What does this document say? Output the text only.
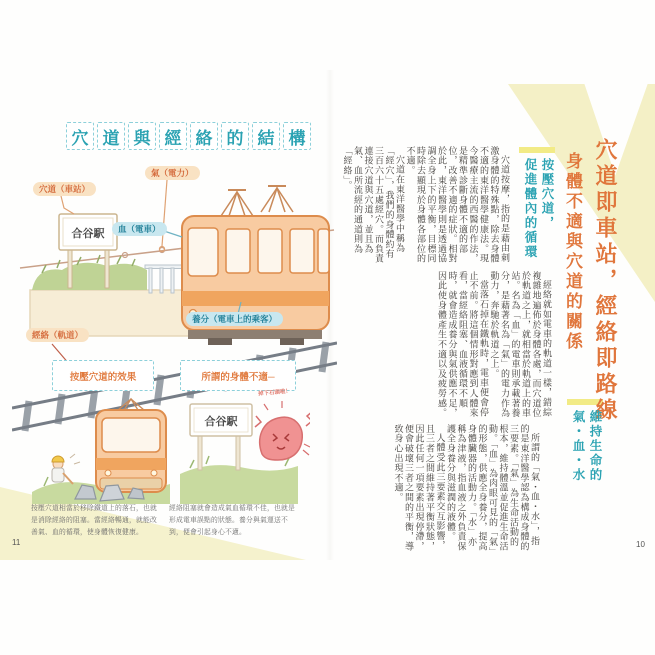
穴 道 與 經 絡 的 結 構
合谷駅
穴道（車站）
氣（電力）
血（電車）
經絡（軌道）
養分（電車上的乘客）
按壓穴道的效果	所謂的身體不適─
合谷駅
掉下石頭啦！
按壓穴道相當於移除鐵道上的落石，也就是消除經絡的阻塞。當經絡暢通，就能改善氣、血的循環，使身體恢復健康。
經絡阻塞就會造成氣血循環不佳，也就是形成電車誤點的狀態。養分與氣運送不到，便會引起身心不適。
11
穴道即車站，經絡即路線
身體不適與穴道的關係
按壓穴道，
促進體內的循環

穴道按摩，指的是藉由刺激身體的特殊點，除去身體不適的東洋醫學健康法。現今醫療主流的西醫的作法，是精準診斷身體不適的部位，改善不適的症狀。相對於此，東洋醫學則是透過協調全身上下的平衡，目標同時除去顯現於身體各部位的不適。

穴道在東洋醫學中稱為「經穴」，我們的身體約有三百六十五處經穴。而負責連接穴道與穴道，並且為氣、血所流經的通道則為「經絡」。

經絡就如電車的軌道一樣，錯綜複雜地遍佈於身體各處，而穴道位於軌道之上，就相當於軌道上的車站。名為「血」的電車則承載著養分，是藉著名為「氣」的電力作為動力，奔馳於軌道之上。

當落石掉在鐵軌時，電車便會停止不前。將這個情形對應到人體來看，當經絡阻塞、血液循環不順時，就會造成養分與氣供應不足，因此使身體產生不適以及疲勞感。

維持生命的
氣・血・水

所謂的「氣・血・水」，指的是東洋醫學認為構成身體的三要素。「氣」為生命活動的根本，維持體溫並促進生命活動。「血」為肉眼可見的「氣」的形態，供應全身養分，提高身體臟器的活動力。「水」亦稱為津液，指血液之外負責保護全身養分與滋潤的液體。

人體受此三要素交互影響，且三者之間維持著平衡狀態，因此任何一項要素出現停滯，便會破壞三者之間的平衡，導致身心出現不適。

10
